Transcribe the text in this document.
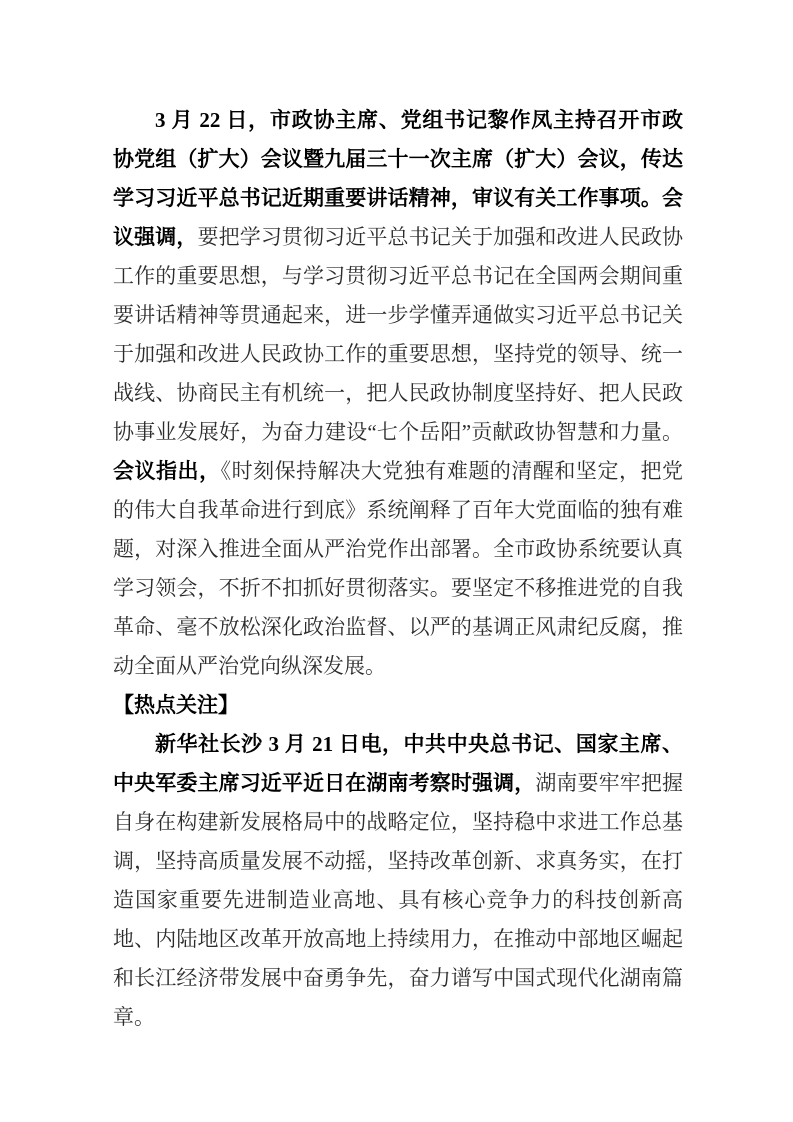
3 月 22 日，市政协主席、党组书记黎作凤主持召开市政协党组（扩大）会议暨九届三十一次主席（扩大）会议，传达学习习近平总书记近期重要讲话精神，审议有关工作事项。会议强调，要把学习贯彻习近平总书记关于加强和改进人民政协工作的重要思想，与学习贯彻习近平总书记在全国两会期间重要讲话精神等贯通起来，进一步学懂弄通做实习近平总书记关于加强和改进人民政协工作的重要思想，坚持党的领导、统一战线、协商民主有机统一，把人民政协制度坚持好、把人民政协事业发展好，为奋力建设“七个岳阳”贡献政协智慧和力量。会议指出，《时刻保持解决大党独有难题的清醒和坚定，把党的伟大自我革命进行到底》系统阐释了百年大党面临的独有难题，对深入推进全面从严治党作出部署。全市政协系统要认真学习领会，不折不扣抓好贯彻落实。要坚定不移推进党的自我革命、毫不放松深化政治监督、以严的基调正风肃纪反腐，推动全面从严治党向纵深发展。

【热点关注】

新华社长沙 3 月 21 日电，中共中央总书记、国家主席、中央军委主席习近平近日在湖南考察时强调，湖南要牢牢把握自身在构建新发展格局中的战略定位，坚持稳中求进工作总基调，坚持高质量发展不动摇，坚持改革创新、求真务实，在打造国家重要先进制造业高地、具有核心竞争力的科技创新高地、内陆地区改革开放高地上持续用力，在推动中部地区崛起和长江经济带发展中奋勇争先，奋力谱写中国式现代化湖南篇章。
